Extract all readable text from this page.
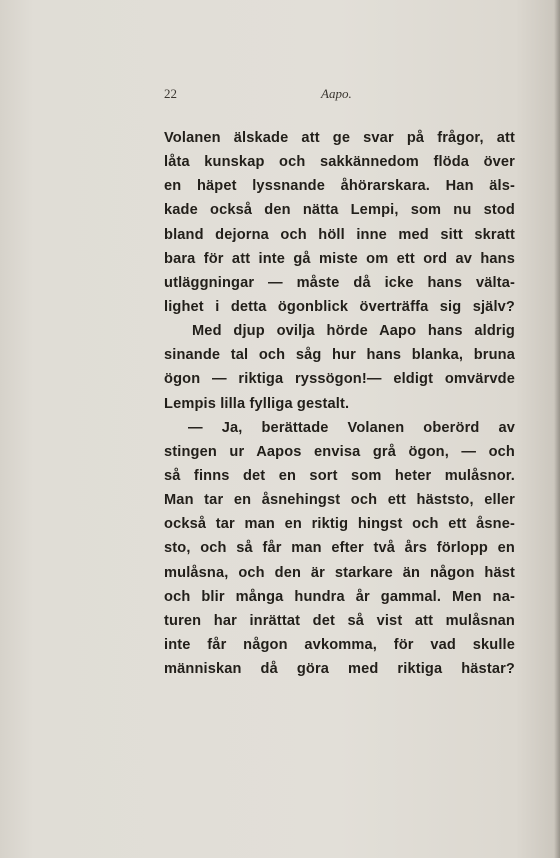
22	Aapo.
Volanen älskade att ge svar på frågor, att
låta kunskap och sakkännedom flöda över
en häpet lyssnande åhörarskara. Han äls-
kade också den nätta Lempi, som nu stod
bland dejorna och höll inne med sitt skratt
bara för att inte gå miste om ett ord av hans
utläggningar — måste då icke hans välta-
lighet i detta ögonblick överträffa sig själv?
Med djup ovilja hörde Aapo hans aldrig
sinande tal och såg hur hans blanka, bruna
ögon — riktiga ryssögon!— eldigt omvärvde
Lempis lilla fylliga gestalt.
— Ja, berättade Volanen oberörd av
stingen ur Aapos envisa grå ögon, — och
så finns det en sort som heter mulåsnor.
Man tar en åsnehingst och ett häststo, eller
också tar man en riktig hingst och ett åsne-
sto, och så får man efter två års förlopp en
mulåsna, och den är starkare än någon häst
och blir många hundra år gammal. Men na-
turen har inrättat det så vist att mulåsnan
inte får någon avkomma, för vad skulle
människan då göra med riktiga hästar?
